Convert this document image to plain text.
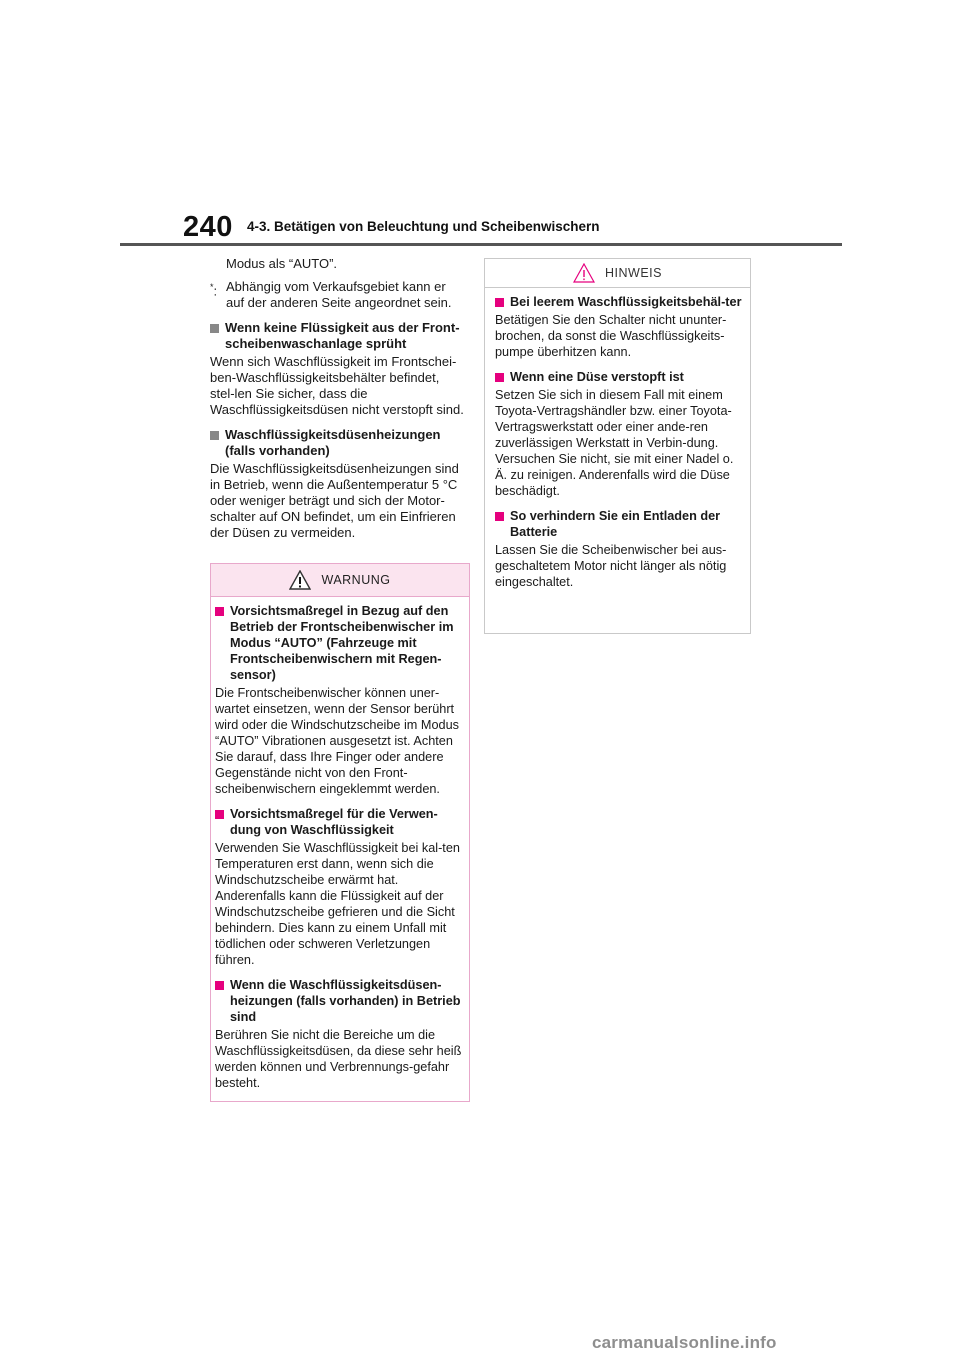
240 4-3. Betätigen von Beleuchtung und Scheibenwischern

Modus als “AUTO”.

*: Abhängig vom Verkaufsgebiet kann er auf der anderen Seite angeordnet sein.

Wenn keine Flüssigkeit aus der Front-scheibenwaschanlage sprüht

Wenn sich Waschflüssigkeit im Frontschei-ben-Waschflüssigkeitsbehälter befindet, stel-len Sie sicher, dass die Waschflüssigkeitsdüsen nicht verstopft sind.

Waschflüssigkeitsdüsenheizungen (falls vorhanden)

Die Waschflüssigkeitsdüsenheizungen sind in Betrieb, wenn die Außentemperatur 5 °C oder weniger beträgt und sich der Motor-schalter auf ON befindet, um ein Einfrieren der Düsen zu vermeiden.

WARNUNG

Vorsichtsmaßregel in Bezug auf den Betrieb der Frontscheibenwischer im Modus “AUTO” (Fahrzeuge mit Frontscheibenwischern mit Regen-sensor)

Die Frontscheibenwischer können uner-wartet einsetzen, wenn der Sensor berührt wird oder die Windschutzscheibe im Modus “AUTO” Vibrationen ausgesetzt ist. Achten Sie darauf, dass Ihre Finger oder andere Gegenstände nicht von den Front-scheibenwischern eingeklemmt werden.

Vorsichtsmaßregel für die Verwen-dung von Waschflüssigkeit

Verwenden Sie Waschflüssigkeit bei kal-ten Temperaturen erst dann, wenn sich die Windschutzscheibe erwärmt hat. Anderenfalls kann die Flüssigkeit auf der Windschutzscheibe gefrieren und die Sicht behindern. Dies kann zu einem Unfall mit tödlichen oder schweren Verletzungen führen.

Wenn die Waschflüssigkeitsdüsen-heizungen (falls vorhanden) in Betrieb sind

Berühren Sie nicht die Bereiche um die Waschflüssigkeitsdüsen, da diese sehr heiß werden können und Verbrennungs-gefahr besteht.

HINWEIS

Bei leerem Waschflüssigkeitsbehäl-ter

Betätigen Sie den Schalter nicht ununter-brochen, da sonst die Waschflüssigkeits-pumpe überhitzen kann.

Wenn eine Düse verstopft ist

Setzen Sie sich in diesem Fall mit einem Toyota-Vertragshändler bzw. einer Toyota-Vertragswerkstatt oder einer ande-ren zuverlässigen Werkstatt in Verbin-dung.

Versuchen Sie nicht, sie mit einer Nadel o. Ä. zu reinigen. Anderenfalls wird die Düse beschädigt.

So verhindern Sie ein Entladen der Batterie

Lassen Sie die Scheibenwischer bei aus-geschaltetem Motor nicht länger als nötig eingeschaltet.

carmanualsonline.info
